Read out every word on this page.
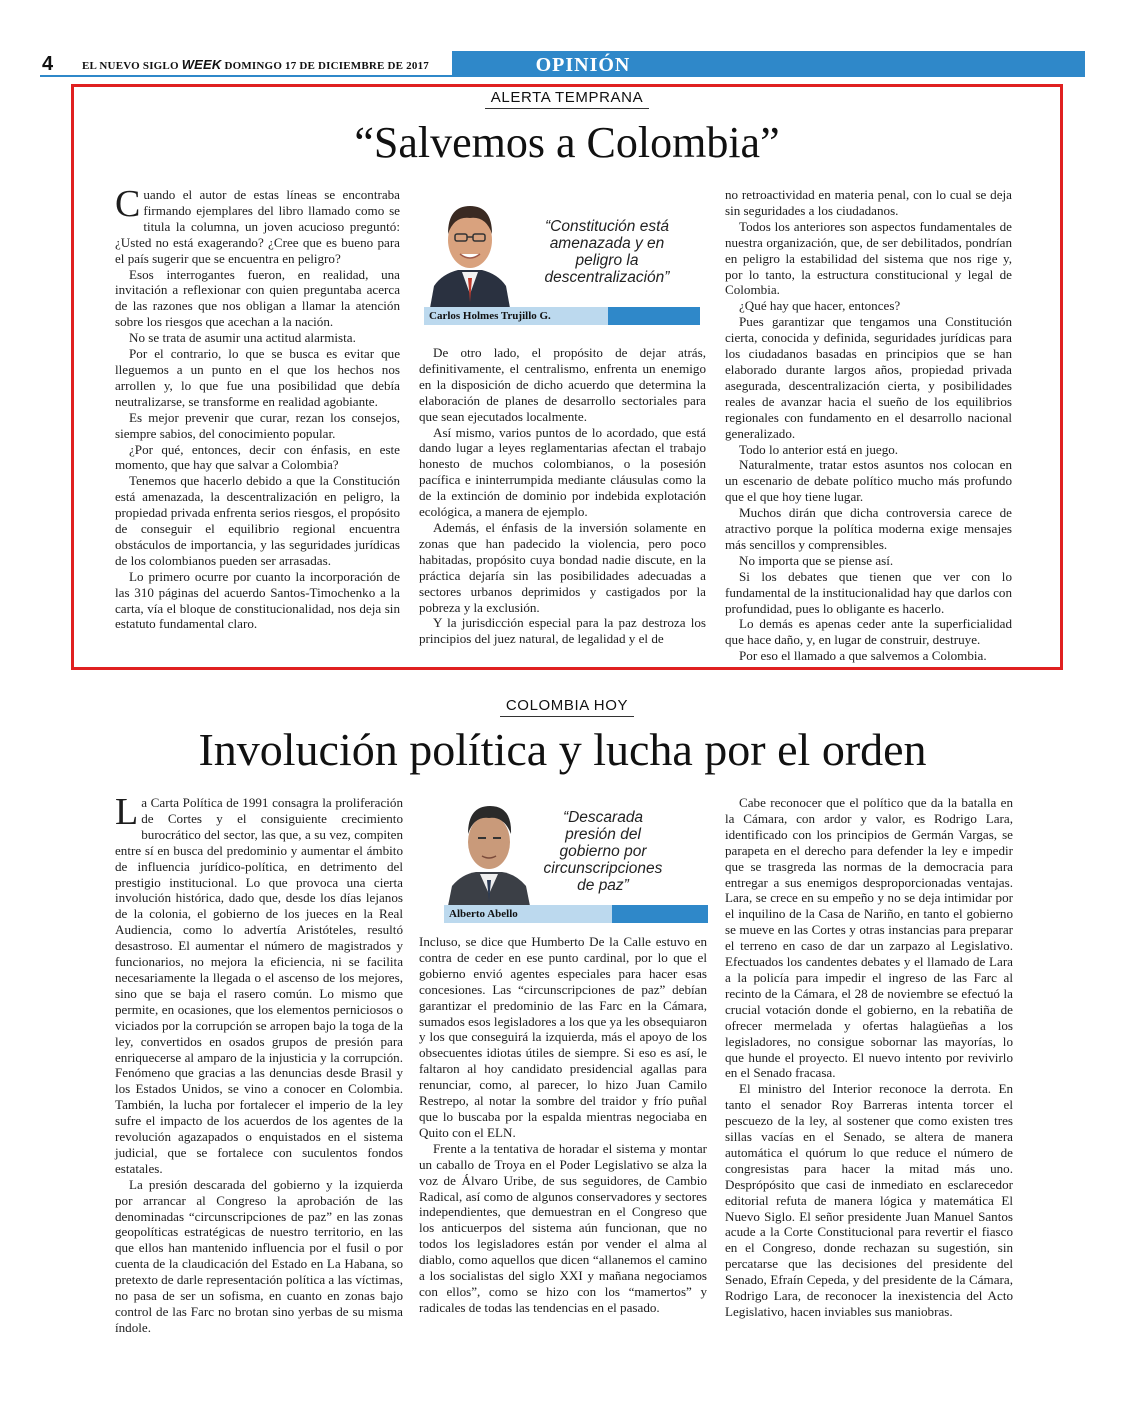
4	EL NUEVO SIGLO WEEK DOMINGO 17 DE DICIEMBRE DE 2017	OPINIÓN
ALERTA TEMPRANA
“Salvemos a Colombia”

Cuando el autor de estas líneas se encontraba firmando ejemplares del libro llamado como se titula la columna, un joven acucioso preguntó: ¿Usted no está exagerando? ¿Cree que es bueno para el país sugerir que se encuentra en peligro?

Esos interrogantes fueron, en realidad, una invitación a reflexionar con quien preguntaba acerca de las razones que nos obligan a llamar la atención sobre los riesgos que acechan a la nación.

No se trata de asumir una actitud alarmista.

Por el contrario, lo que se busca es evitar que lleguemos a un punto en el que los hechos nos arrollen y, lo que fue una posibilidad que debía neutralizarse, se transforme en realidad agobiante.

Es mejor prevenir que curar, rezan los consejos, siempre sabios, del conocimiento popular.

¿Por qué, entonces, decir con énfasis, en este momento, que hay que salvar a Colombia?

Tenemos que hacerlo debido a que la Constitución está amenazada, la descentralización en peligro, la propiedad privada enfrenta serios riesgos, el propósito de conseguir el equilibrio regional encuentra obstáculos de importancia, y las seguridades jurídicas de los colombianos pueden ser arrasadas.

Lo primero ocurre por cuanto la incorporación de las 310 páginas del acuerdo Santos-Timochenko a la carta, vía el bloque de constitucionalidad, nos deja sin estatuto fundamental claro.

“Constitución está amenazada y en peligro la descentralización”
Carlos Holmes Trujillo G.

De otro lado, el propósito de dejar atrás, definitivamente, el centralismo, enfrenta un enemigo en la disposición de dicho acuerdo que determina la elaboración de planes de desarrollo sectoriales para que sean ejecutados localmente.

Así mismo, varios puntos de lo acordado, que está dando lugar a leyes reglamentarias afectan el trabajo honesto de muchos colombianos, o la posesión pacífica e ininterrumpida mediante cláusulas como la de la extinción de dominio por indebida explotación ecológica, a manera de ejemplo.

Además, el énfasis de la inversión solamente en zonas que han padecido la violencia, pero poco habitadas, propósito cuya bondad nadie discute, en la práctica dejaría sin las posibilidades adecuadas a sectores urbanos deprimidos y castigados por la pobreza y la exclusión.

Y la jurisdicción especial para la paz destroza los principios del juez natural, de legalidad y el de

no retroactividad en materia penal, con lo cual se deja sin seguridades a los ciudadanos.

Todos los anteriores son aspectos fundamentales de nuestra organización, que, de ser debilitados, pondrían en peligro la estabilidad del sistema que nos rige y, por lo tanto, la estructura constitucional y legal de Colombia.

¿Qué hay que hacer, entonces?

Pues garantizar que tengamos una Constitución cierta, conocida y definida, seguridades jurídicas para los ciudadanos basadas en principios que se han elaborado durante largos años, propiedad privada asegurada, descentralización cierta, y posibilidades reales de avanzar hacia el sueño de los equilibrios regionales con fundamento en el desarrollo nacional generalizado.

Todo lo anterior está en juego.

Naturalmente, tratar estos asuntos nos colocan en un escenario de debate político mucho más profundo que el que hoy tiene lugar.

Muchos dirán que dicha controversia carece de atractivo porque la política moderna exige mensajes más sencillos y comprensibles.

No importa que se piense así.

Si los debates que tienen que ver con lo fundamental de la institucionalidad hay que darlos con profundidad, pues lo obligante es hacerlo.

Lo demás es apenas ceder ante la superficialidad que hace daño, y, en lugar de construir, destruye.

Por eso el llamado a que salvemos a Colombia.

COLOMBIA HOY
Involución política y lucha por el orden

La Carta Política de 1991 consagra la proliferación de Cortes y el consiguiente crecimiento burocrático del sector, las que, a su vez, compiten entre sí en busca del predominio y aumentar el ámbito de influencia jurídico-política, en detrimento del prestigio institucional. Lo que provoca una cierta involución histórica, dado que, desde los días lejanos de la colonia, el gobierno de los jueces en la Real Audiencia, como lo advertía Aristóteles, resultó desastroso. El aumentar el número de magistrados y funcionarios, no mejora la eficiencia, ni se facilita necesariamente la llegada o el ascenso de los mejores, sino que se baja el rasero común. Lo mismo que permite, en ocasiones, que los elementos perniciosos o viciados por la corrupción se arropen bajo la toga de la ley, convertidos en osados grupos de presión para enriquecerse al amparo de la injusticia y la corrupción. Fenómeno que gracias a las denuncias desde Brasil y los Estados Unidos, se vino a conocer en Colombia. También, la lucha por fortalecer el imperio de la ley sufre el impacto de los acuerdos de los agentes de la revolución agazapados o enquistados en el sistema judicial, que se fortalece con suculentos fondos estatales.

La presión descarada del gobierno y la izquierda por arrancar al Congreso la aprobación de las denominadas “circunscripciones de paz” en las zonas geopolíticas estratégicas de nuestro territorio, en las que ellos han mantenido influencia por el fusil o por cuenta de la claudicación del Estado en La Habana, so pretexto de darle representación política a las víctimas, no pasa de ser un sofisma, en cuanto en zonas bajo control de las Farc no brotan sino yerbas de su misma índole.

“Descarada presión del gobierno por circunscripciones de paz”
Alberto Abello

Incluso, se dice que Humberto De la Calle estuvo en contra de ceder en ese punto cardinal, por lo que el gobierno envió agentes especiales para hacer esas concesiones. Las “circunscripciones de paz” debían garantizar el predominio de las Farc en la Cámara, sumados esos legisladores a los que ya les obsequiaron y los que conseguirá la izquierda, más el apoyo de los obsecuentes idiotas útiles de siempre. Si eso es así, le faltaron al hoy candidato presidencial agallas para renunciar, como, al parecer, lo hizo Juan Camilo Restrepo, al notar la sombre del traidor y frío puñal que lo buscaba por la espalda mientras negociaba en Quito con el ELN.

Frente a la tentativa de horadar el sistema y montar un caballo de Troya en el Poder Legislativo se alza la voz de Álvaro Uribe, de sus seguidores, de Cambio Radical, así como de algunos conservadores y sectores independientes, que demuestran en el Congreso que los anticuerpos del sistema aún funcionan, que no todos los legisladores están por vender el alma al diablo, como aquellos que dicen “allanemos el camino a los socialistas del siglo XXI y mañana negociamos con ellos”, como se hizo con los “mamertos” y radicales de todas las tendencias en el pasado.

Cabe reconocer que el político que da la batalla en la Cámara, con ardor y valor, es Rodrigo Lara, identificado con los principios de Germán Vargas, se parapeta en el derecho para defender la ley e impedir que se trasgreda las normas de la democracia para entregar a sus enemigos desproporcionadas ventajas. Lara, se crece en su empeño y no se deja intimidar por el inquilino de la Casa de Nariño, en tanto el gobierno se mueve en las Cortes y otras instancias para preparar el terreno en caso de dar un zarpazo al Legislativo. Efectuados los candentes debates y el llamado de Lara a la policía para impedir el ingreso de las Farc al recinto de la Cámara, el 28 de noviembre se efectuó la crucial votación donde el gobierno, en la rebatiña de ofrecer mermelada y ofertas halagüeñas a los legisladores, no consigue sobornar las mayorías, lo que hunde el proyecto. El nuevo intento por revivirlo en el Senado fracasa.

El ministro del Interior reconoce la derrota. En tanto el senador Roy Barreras intenta torcer el pescuezo de la ley, al sostener que como existen tres sillas vacías en el Senado, se altera de manera automática el quórum lo que reduce el número de congresistas para hacer la mitad más uno. Desprópósito que casi de inmediato en esclarecedor editorial refuta de manera lógica y matemática El Nuevo Siglo. El señor presidente Juan Manuel Santos acude a la Corte Constitucional para revertir el fiasco en el Congreso, donde rechazan su sugestión, sin percatarse que las decisiones del presidente del Senado, Efraín Cepeda, y del presidente de la Cámara, Rodrigo Lara, de reconocer la inexistencia del Acto Legislativo, hacen inviables sus maniobras.
